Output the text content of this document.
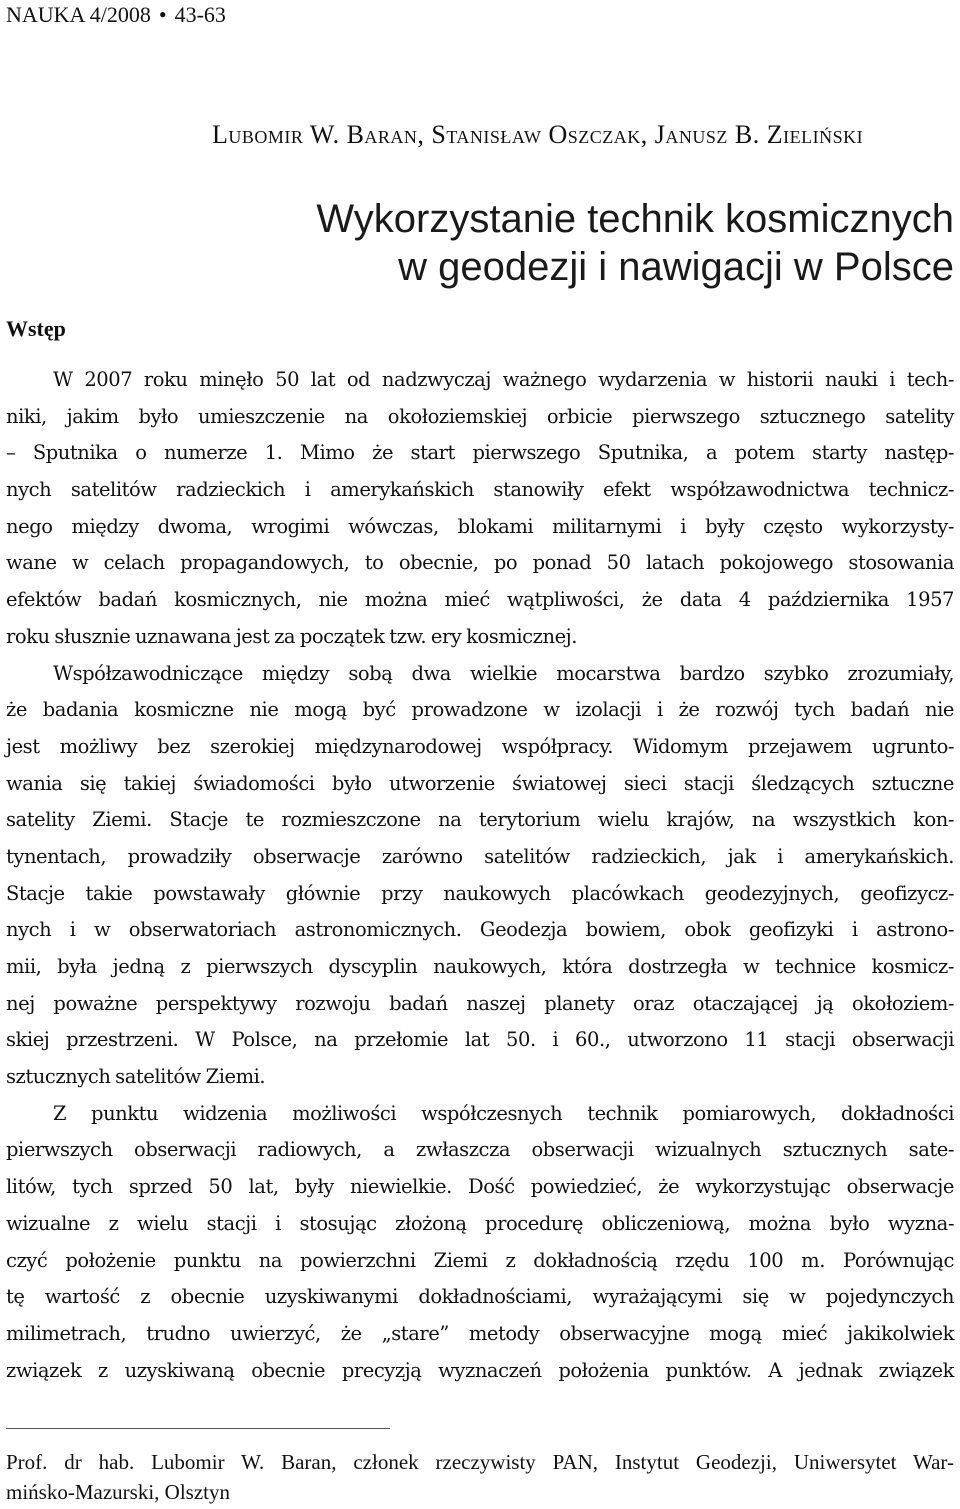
NAUKA 4/2008 • 43-63
Lubomir W. Baran, Stanisław Oszczak, Janusz B. Zieliński
Wykorzystanie technik kosmicznych
w geodezji i nawigacji w Polsce
Wstęp
W 2007 roku minęło 50 lat od nadzwyczaj ważnego wydarzenia w historii nauki i tech-
niki, jakim było umieszczenie na okołoziemskiej orbicie pierwszego sztucznego satelity
– Sputnika o numerze 1. Mimo że start pierwszego Sputnika, a potem starty następ-
nych satelitów radzieckich i amerykańskich stanowiły efekt współzawodnictwa technicz-
nego między dwoma, wrogimi wówczas, blokami militarnymi i były często wykorzysty-
wane w celach propagandowych, to obecnie, po ponad 50 latach pokojowego stosowania
efektów badań kosmicznych, nie można mieć wątpliwości, że data 4 października 1957
roku słusznie uznawana jest za początek tzw. ery kosmicznej.
Współzawodniczące między sobą dwa wielkie mocarstwa bardzo szybko zrozumiały,
że badania kosmiczne nie mogą być prowadzone w izolacji i że rozwój tych badań nie
jest możliwy bez szerokiej międzynarodowej współpracy. Widomym przejawem ugrunto-
wania się takiej świadomości było utworzenie światowej sieci stacji śledzących sztuczne
satelity Ziemi. Stacje te rozmieszczone na terytorium wielu krajów, na wszystkich kon-
tynentach, prowadziły obserwacje zarówno satelitów radzieckich, jak i amerykańskich.
Stacje takie powstawały głównie przy naukowych placówkach geodezyjnych, geofizycz-
nych i w obserwatoriach astronomicznych. Geodezja bowiem, obok geofizyki i astrono-
mii, była jedną z pierwszych dyscyplin naukowych, która dostrzegła w technice kosmicz-
nej poważne perspektywy rozwoju badań naszej planety oraz otaczającej ją okołoziem-
skiej przestrzeni. W Polsce, na przełomie lat 50. i 60., utworzono 11 stacji obserwacji
sztucznych satelitów Ziemi.
Z punktu widzenia możliwości współczesnych technik pomiarowych, dokładności
pierwszych obserwacji radiowych, a zwłaszcza obserwacji wizualnych sztucznych sate-
litów, tych sprzed 50 lat, były niewielkie. Dość powiedzieć, że wykorzystując obserwacje
wizualne z wielu stacji i stosując złożoną procedurę obliczeniową, można było wyzna-
czyć położenie punktu na powierzchni Ziemi z dokładnością rzędu 100 m. Porównując
tę wartość z obecnie uzyskiwanymi dokładnościami, wyrażającymi się w pojedynczych
milimetrach, trudno uwierzyć, że „stare” metody obserwacyjne mogą mieć jakikolwiek
związek z uzyskiwaną obecnie precyzją wyznaczeń położenia punktów. A jednak związek
Prof. dr hab. Lubomir W. Baran, członek rzeczywisty PAN, Instytut Geodezji, Uniwersytet War-
mińsko-Mazurski, Olsztyn
